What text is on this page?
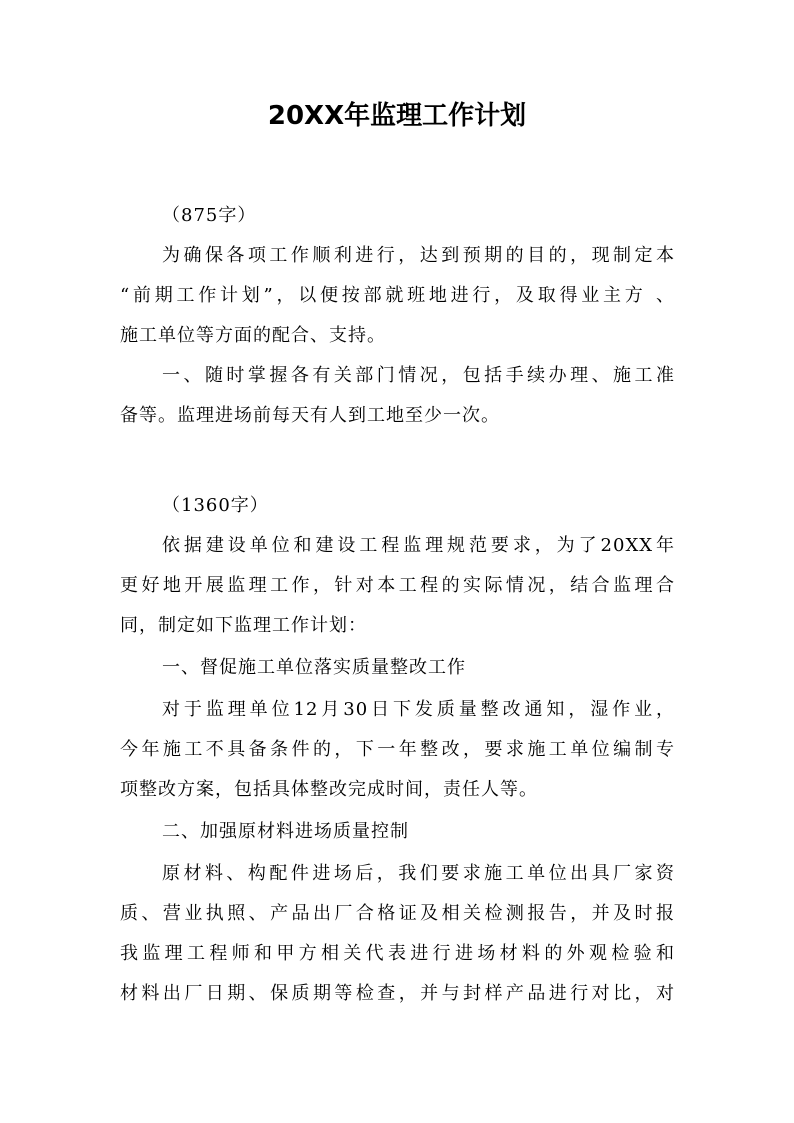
20XX年监理工作计划
（875字）
为确保各项工作顺利进行，达到预期的目的，现制定本
“前期工作计划”，以便按部就班地进行，及取得业主方 、
施工单位等方面的配合、支持。
一、随时掌握各有关部门情况，包括手续办理、施工准
备等。监理进场前每天有人到工地至少一次。
（1360字）
依据建设单位和建设工程监理规范要求，为了20XX年
更好地开展监理工作，针对本工程的实际情况，结合监理合
同，制定如下监理工作计划：
一、督促施工单位落实质量整改工作
对于监理单位12月30日下发质量整改通知，湿作业，
今年施工不具备条件的，下一年整改，要求施工单位编制专
项整改方案，包括具体整改完成时间，责任人等。
二、加强原材料进场质量控制
原材料、构配件进场后，我们要求施工单位出具厂家资
质、营业执照、产品出厂合格证及相关检测报告，并及时报
我监理工程师和甲方相关代表进行进场材料的外观检验和
材料出厂日期、保质期等检查，并与封样产品进行对比，对
